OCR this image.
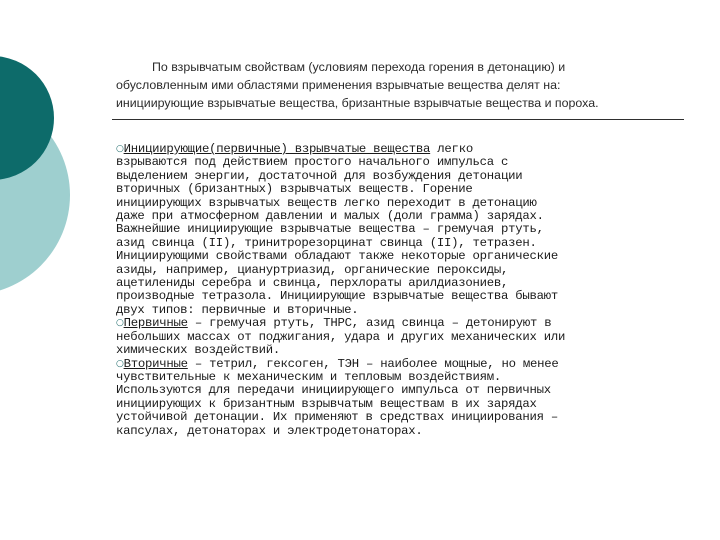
По взрывчатым свойствам (условиям перехода горения в детонацию) и
обусловленным ими областями применения взрывчатые вещества делят на:
инициирующие взрывчатые вещества, бризантные взрывчатые вещества и пороха.

○Инициирующие(первичные) взрывчатые вещества легко
взрываются под действием простого начального импульса с
выделением энергии, достаточной для возбуждения детонации
вторичных (бризантных) взрывчатых веществ. Горение
инициирующих взрывчатых веществ легко переходит в детонацию
даже при атмосферном давлении и малых (доли грамма) зарядах.
Важнейшие инициирующие взрывчатые вещества – гремучая ртуть,
азид свинца (II), тринитрорезорцинат свинца (II), тетразен.
Инициирующими свойствами обладают также некоторые органические
азиды, например, циануртриазид, органические пероксиды,
ацетилениды серебра и свинца, перхлораты арилдиазониев,
производные тетразола. Инициирующие взрывчатые вещества бывают
двух типов: первичные и вторичные.

○Первичные – гремучая ртуть, ТНРС, азид свинца – детонируют в
небольших массах от поджигания, удара и других механических или
химических воздействий.

○Вторичные – тетрил, гексоген, ТЭН – наиболее мощные, но менее
чувствительные к механическим и тепловым воздействиям.
Используются для передачи инициирующего импульса от первичных
инициирующих к бризантным взрывчатым веществам в их зарядах
устойчивой детонации. Их применяют в средствах инициирования –
капсулах, детонаторах и электродетонаторах.
